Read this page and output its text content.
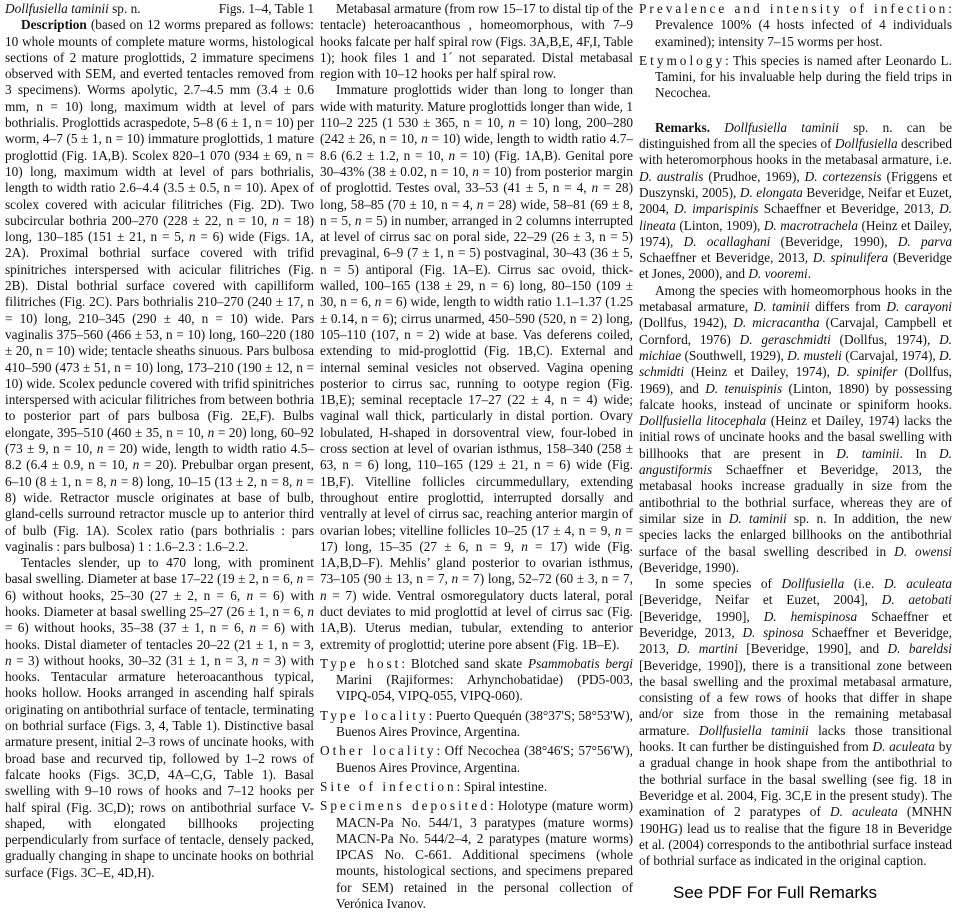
Dollfusiella taminii sp. n.	Figs. 1–4, Table 1

Description (based on 12 worms prepared as follows: 10 whole mounts of complete mature worms, histological sections of 2 mature proglottids, 2 immature specimens observed with SEM, and everted tentacles removed from 3 specimens). Worms apolytic, 2.7–4.5 mm (3.4 ± 0.6 mm, n = 10) long, maximum width at level of pars bothrialis. Proglottids acraspedote, 5–8 (6 ± 1, n = 10) per worm, 4–7 (5 ± 1, n = 10) immature proglottids, 1 mature proglottid (Fig. 1A,B). Scolex 820–1 070 (934 ± 69, n = 10) long, maximum width at level of pars bothrialis, length to width ratio 2.6–4.4 (3.5 ± 0.5, n = 10). Apex of scolex covered with acicular filitriches (Fig. 2D). Two subcircular bothria 200–270 (228 ± 22, n = 10, n = 18) long, 130–185 (151 ± 21, n = 5, n = 6) wide (Figs. 1A, 2A). Proximal bothrial surface covered with trifid spinitriches interspersed with acicular filitriches (Fig. 2B). Distal bothrial surface covered with capilliform filitriches (Fig. 2C). Pars bothrialis 210–270 (240 ± 17, n = 10) long, 210–345 (290 ± 40, n = 10) wide. Pars vaginalis 375–560 (466 ± 53, n = 10) long, 160–220 (180 ± 20, n = 10) wide; tentacle sheaths sinuous. Pars bulbosa 410–590 (473 ± 51, n = 10) long, 173–210 (190 ± 12, n = 10) wide. Scolex peduncle covered with trifid spinitriches interspersed with acicular filitriches from between bothria to posterior part of pars bulbosa (Fig. 2E,F). Bulbs elongate, 395–510 (460 ± 35, n = 10, n = 20) long, 60–92 (73 ± 9, n = 10, n = 20) wide, length to width ratio 4.5–8.2 (6.4 ± 0.9, n = 10, n = 20). Prebulbar organ present, 6–10 (8 ± 1, n = 8, n = 8) long, 10–15 (13 ± 2, n = 8, n = 8) wide. Retractor muscle originates at base of bulb, gland-cells surround retractor muscle up to anterior third of bulb (Fig. 1A). Scolex ratio (pars bothrialis : pars vaginalis : pars bulbosa) 1 : 1.6–2.3 : 1.6–2.2.

Tentacles slender, up to 470 long, with prominent basal swelling. Diameter at base 17–22 (19 ± 2, n = 6, n = 6) without hooks, 25–30 (27 ± 2, n = 6, n = 6) with hooks. Diameter at basal swelling 25–27 (26 ± 1, n = 6, n = 6) without hooks, 35–38 (37 ± 1, n = 6, n = 6) with hooks. Distal diameter of tentacles 20–22 (21 ± 1, n = 3, n = 3) without hooks, 30–32 (31 ± 1, n = 3, n = 3) with hooks. Tentacular armature heteroacanthous typical, hooks hollow. Hooks arranged in ascending half spirals originating on antibothrial surface of tentacle, terminating on bothrial surface (Figs. 3, 4, Table 1). Distinctive basal armature present, initial 2–3 rows of uncinate hooks, with broad base and recurved tip, followed by 1–2 rows of falcate hooks (Figs. 3C,D, 4A–C,G, Table 1). Basal swelling with 9–10 rows of hooks and 7–12 hooks per half spiral (Fig. 3C,D); rows on antibothrial surface V-shaped, with elongated billhooks projecting perpendicularly from surface of tentacle, densely packed, gradually changing in shape to uncinate hooks on bothrial surface (Figs. 3C–E, 4D,H).

Metabasal armature (from row 15–17 to distal tip of the tentacle) heteroacanthous , homeomorphous, with 7–9 hooks falcate per half spiral row (Figs. 3A,B,E, 4F,I, Table 1); hook files 1 and 1´ not separated. Distal metabasal region with 10–12 hooks per half spiral row.

Immature proglottids wider than long to longer than wide with maturity. Mature proglottids longer than wide, 1 110–2 225 (1 530 ± 365, n = 10, n = 10) long, 200–280 (242 ± 26, n = 10, n = 10) wide, length to width ratio 4.7–8.6 (6.2 ± 1.2, n = 10, n = 10) (Fig. 1A,B). Genital pore 30–43% (38 ± 0.02, n = 10, n = 10) from posterior margin of proglottid. Testes oval, 33–53 (41 ± 5, n = 4, n = 28) long, 58–85 (70 ± 10, n = 4, n = 28) wide, 58–81 (69 ± 8, n = 5, n = 5) in number, arranged in 2 columns interrupted at level of cirrus sac on poral side, 22–29 (26 ± 3, n = 5) prevaginal, 6–9 (7 ± 1, n = 5) postvaginal, 30–43 (36 ± 5, n = 5) antiporal (Fig. 1A–E). Cirrus sac ovoid, thick-walled, 100–165 (138 ± 29, n = 6) long, 80–150 (109 ± 30, n = 6, n = 6) wide, length to width ratio 1.1–1.37 (1.25 ± 0.14, n = 6); cirrus unarmed, 450–590 (520, n = 2) long, 105–110 (107, n = 2) wide at base. Vas deferens coiled, extending to mid-proglottid (Fig. 1B,C). External and internal seminal vesicles not observed. Vagina opening posterior to cirrus sac, running to ootype region (Fig. 1B,E); seminal receptacle 17–27 (22 ± 4, n = 4) wide; vaginal wall thick, particularly in distal portion. Ovary lobulated, H-shaped in dorsoventral view, four-lobed in cross section at level of ovarian isthmus, 158–340 (258 ± 63, n = 6) long, 110–165 (129 ± 21, n = 6) wide (Fig. 1B,F). Vitelline follicles circummedullary, extending throughout entire proglottid, interrupted dorsally and ventrally at level of cirrus sac, reaching anterior margin of ovarian lobes; vitelline follicles 10–25 (17 ± 4, n = 9, n = 17) long, 15–35 (27 ± 6, n = 9, n = 17) wide (Fig. 1A,B,D–F). Mehlis’ gland posterior to ovarian isthmus, 73–105 (90 ± 13, n = 7, n = 7) long, 52–72 (60 ± 3, n = 7, n = 7) wide. Ventral osmoregulatory ducts lateral, poral duct deviates to mid proglottid at level of cirrus sac (Fig. 1A,B). Uterus median, tubular, extending to anterior extremity of proglottid; uterine pore absent (Fig. 1B–E).

Type host: Blotched sand skate Psammobatis bergi Marini (Rajiformes: Arhynchobatidae) (PD5-003, VIPQ-054, VIPQ-055, VIPQ-060).
Type locality: Puerto Quequén (38°37'S; 58°53'W), Buenos Aires Province, Argentina.
Other locality: Off Necochea (38°46'S; 57°56'W), Buenos Aires Province, Argentina.
Site of infection: Spiral intestine.
Specimens deposited: Holotype (mature worm) MACN-Pa No. 544/1, 3 paratypes (mature worms) MACN-Pa No. 544/2–4, 2 paratypes (mature worms) IPCAS No. C-661. Additional specimens (whole mounts, histological sections, and specimens prepared for SEM) retained in the personal collection of Verónica Ivanov.
Prevalence and intensity of infection: Prevalence 100% (4 hosts infected of 4 individuals examined); intensity 7–15 worms per host.
Etymology: This species is named after Leonardo L. Tamini, for his invaluable help during the field trips in Necochea.

Remarks. Dollfusiella taminii sp. n. can be distinguished from all the species of Dollfusiella described with heteromorphous hooks in the metabasal armature, i.e. D. australis (Prudhoe, 1969), D. cortezensis (Friggens et Duszynski, 2005), D. elongata Beveridge, Neifar et Euzet, 2004, D. imparispinis Schaeffner et Beveridge, 2013, D. lineata (Linton, 1909), D. macrotrachela (Heinz et Dailey, 1974), D. ocallaghani (Beveridge, 1990), D. parva Schaeffner et Beveridge, 2013, D. spinulifera (Beveridge et Jones, 2000), and D. vooremi.

Among the species with homeomorphous hooks in the metabasal armature, D. taminii differs from D. carayoni (Dollfus, 1942), D. micracantha (Carvajal, Campbell et Cornford, 1976) D. geraschmidti (Dollfus, 1974), D. michiae (Southwell, 1929), D. musteli (Carvajal, 1974), D. schmidti (Heinz et Dailey, 1974), D. spinifer (Dollfus, 1969), and D. tenuispinis (Linton, 1890) by possessing falcate hooks, instead of uncinate or spiniform hooks. Dollfusiella litocephala (Heinz et Dailey, 1974) lacks the initial rows of uncinate hooks and the basal swelling with billhooks that are present in D. taminii. In D. angustiformis Schaeffner et Beveridge, 2013, the metabasal hooks increase gradually in size from the antibothrial to the bothrial surface, whereas they are of similar size in D. taminii sp. n. In addition, the new species lacks the enlarged billhooks on the antibothrial surface of the basal swelling described in D. owensi (Beveridge, 1990).

In some species of Dollfusiella (i.e. D. aculeata [Beveridge, Neifar et Euzet, 2004], D. aetobati [Beveridge, 1990], D. hemispinosa Schaeffner et Beveridge, 2013, D. spinosa Schaeffner et Beveridge, 2013, D. martini [Beveridge, 1990], and D. bareldsi [Beveridge, 1990]), there is a transitional zone between the basal swelling and the proximal metabasal armature, consisting of a few rows of hooks that differ in shape and/or size from those in the remaining metabasal armature. Dollfusiella taminii lacks those transitional hooks. It can further be distinguished from D. aculeata by a gradual change in hook shape from the antibothrial to the bothrial surface in the basal swelling (see fig. 18 in Beveridge et al. 2004, Fig. 3C,E in the present study). The examination of 2 paratypes of D. aculeata (MNHN 190HG) lead us to realise that the figure 18 in Beveridge et al. (2004) corresponds to the antibothrial surface instead of bothrial surface as indicated in the original caption.

See PDF For Full Remarks
